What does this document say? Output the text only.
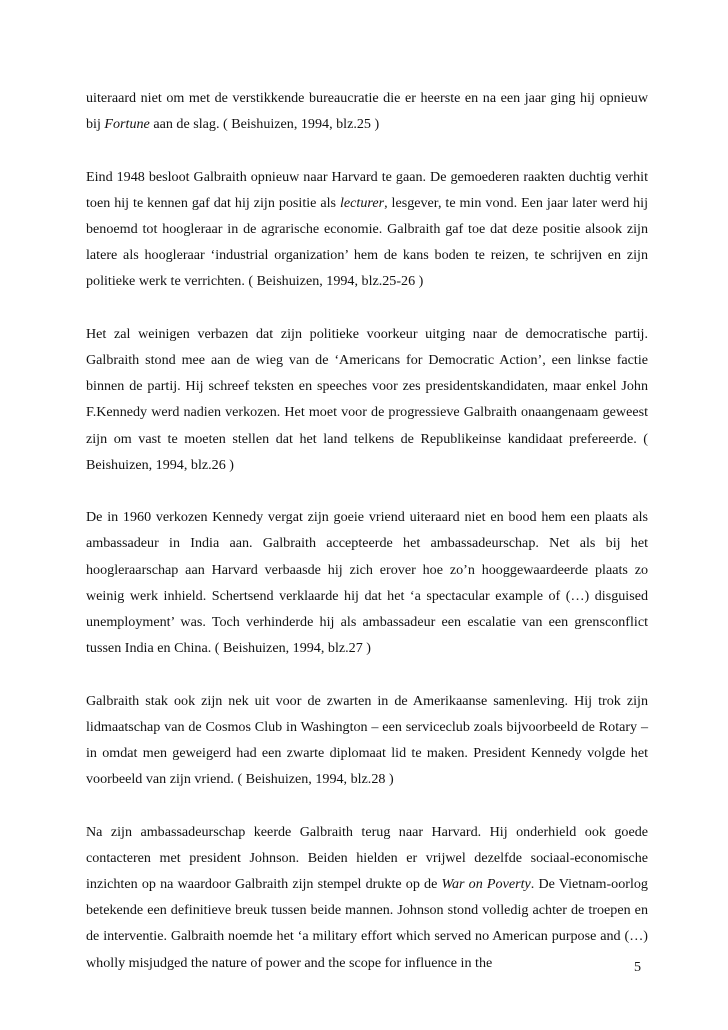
uiteraard niet om met de verstikkende bureaucratie die er heerste en na een jaar ging hij opnieuw bij Fortune aan de slag. ( Beishuizen, 1994, blz.25 )

Eind 1948 besloot Galbraith opnieuw naar Harvard te gaan. De gemoederen raakten duchtig verhit toen hij te kennen gaf dat hij zijn positie als lecturer, lesgever, te min vond. Een jaar later werd hij benoemd tot hoogleraar in de agrarische economie. Galbraith gaf toe dat deze positie alsook zijn latere als hoogleraar ‘industrial organization’ hem de kans boden te reizen, te schrijven en zijn politieke werk te verrichten. ( Beishuizen, 1994, blz.25-26 )

Het zal weinigen verbazen dat zijn politieke voorkeur uitging naar de democratische partij. Galbraith stond mee aan de wieg van de ‘Americans for Democratic Action’, een linkse factie binnen de partij. Hij schreef teksten en speeches voor zes presidentskandidaten, maar enkel John F.Kennedy werd nadien verkozen. Het moet voor de progressieve Galbraith onaangenaam geweest zijn om vast te moeten stellen dat het land telkens de Republikeinse kandidaat prefereerde. ( Beishuizen, 1994, blz.26 )

De in 1960 verkozen Kennedy vergat zijn goeie vriend uiteraard niet en bood hem een plaats als ambassadeur in India aan. Galbraith accepteerde het ambassadeurschap. Net als bij het hoogleraarschap aan Harvard verbaasde hij zich erover hoe zo’n hooggewaardeerde plaats zo weinig werk inhield. Schertsend verklaarde hij dat het ‘a spectacular example of (…) disguised unemployment’ was. Toch verhinderde hij als ambassadeur een escalatie van een grensconflict tussen India en China. ( Beishuizen, 1994, blz.27 )

Galbraith stak ook zijn nek uit voor de zwarten in de Amerikaanse samenleving. Hij trok zijn lidmaatschap van de Cosmos Club in Washington – een serviceclub zoals bijvoorbeeld de Rotary – in omdat men geweigerd had een zwarte diplomaat lid te maken. President Kennedy volgde het voorbeeld van zijn vriend. ( Beishuizen, 1994, blz.28 )

Na zijn ambassadeurschap keerde Galbraith terug naar Harvard. Hij onderhield ook goede contacteren met president Johnson. Beiden hielden er vrijwel dezelfde sociaal-economische inzichten op na waardoor Galbraith zijn stempel drukte op de War on Poverty. De Vietnam-oorlog betekende een definitieve breuk tussen beide mannen. Johnson stond volledig achter de troepen en de interventie. Galbraith noemde het ‘a military effort which served no American purpose and (…) wholly misjudged the nature of power and the scope for influence in the	5
